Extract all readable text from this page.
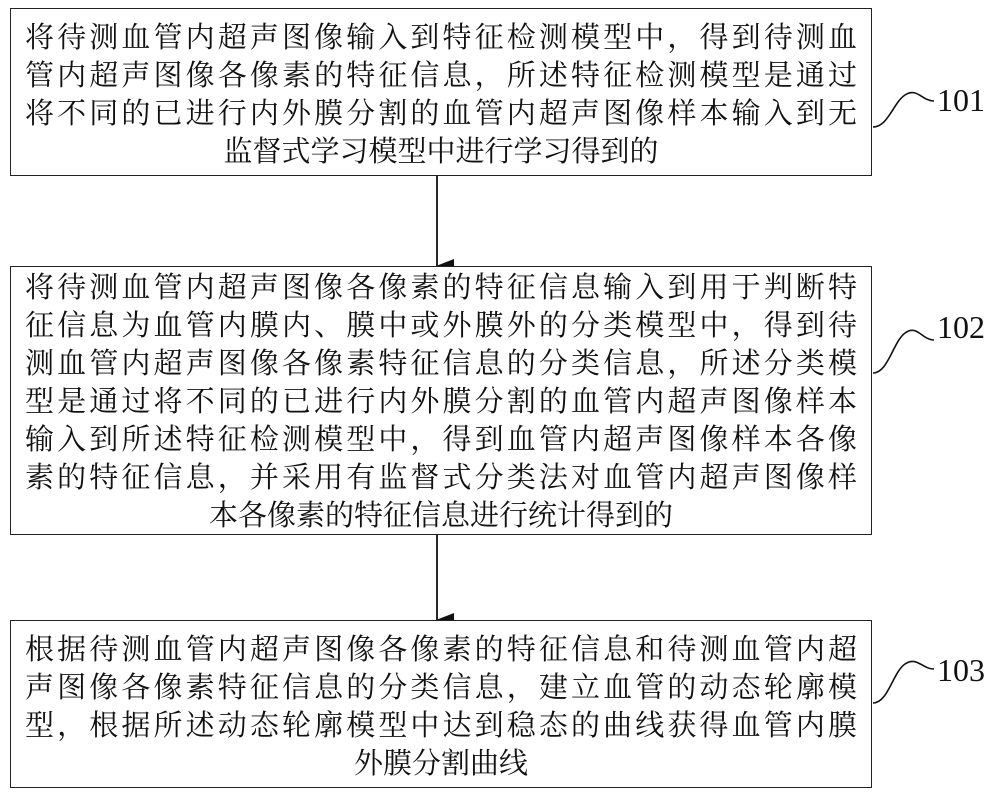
将待测血管内超声图像输入到特征检测模型中，得到待测血
管内超声图像各像素的特征信息，所述特征检测模型是通过
将不同的已进行内外膜分割的血管内超声图像样本输入到无
监督式学习模型中进行学习得到的
101
将待测血管内超声图像各像素的特征信息输入到用于判断特
征信息为血管内膜内、膜中或外膜外的分类模型中，得到待
测血管内超声图像各像素特征信息的分类信息，所述分类模
型是通过将不同的已进行内外膜分割的血管内超声图像样本
输入到所述特征检测模型中，得到血管内超声图像样本各像
素的特征信息，并采用有监督式分类法对血管内超声图像样
本各像素的特征信息进行统计得到的
102
根据待测血管内超声图像各像素的特征信息和待测血管内超
声图像各像素特征信息的分类信息，建立血管的动态轮廓模
型，根据所述动态轮廓模型中达到稳态的曲线获得血管内膜
外膜分割曲线
103
